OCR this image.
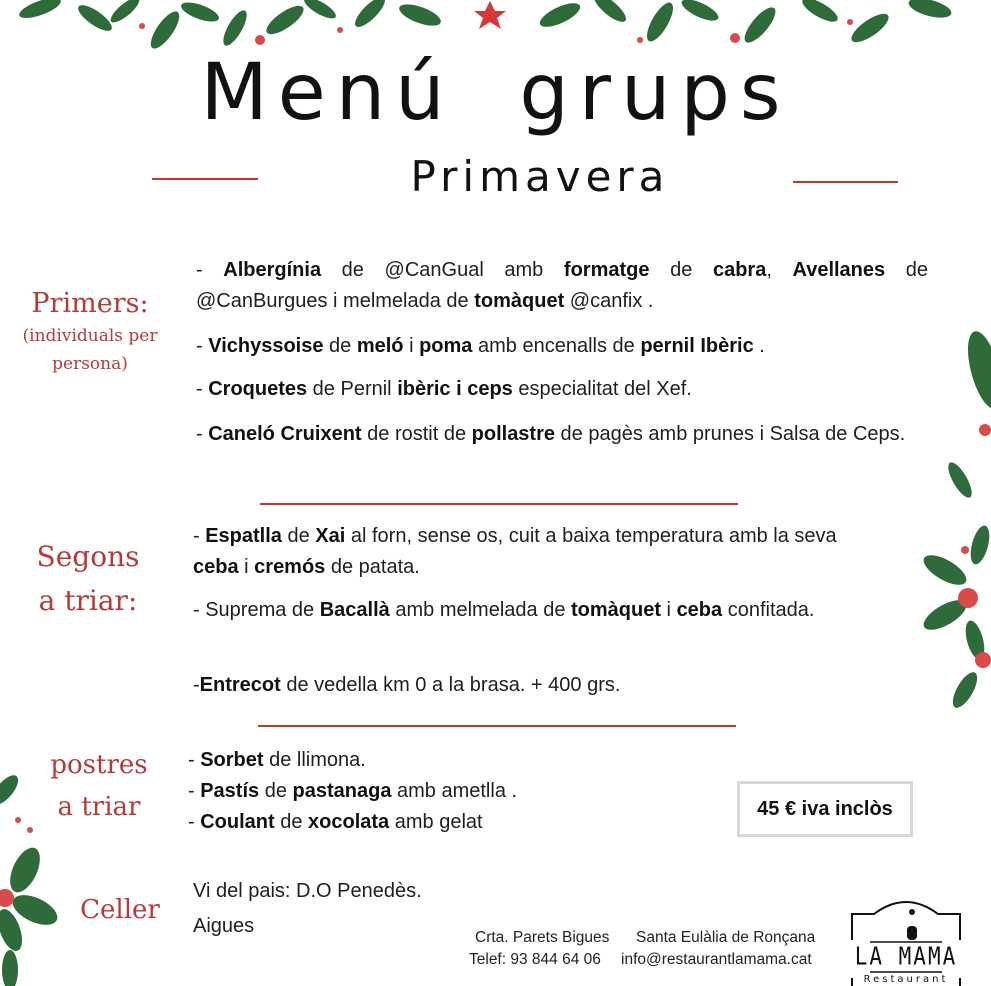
Menú grups
Primavera
Primers:
(individuals per
persona)
- Albergínia de @CanGual amb formatge de cabra, Avellanes de @CanBurgues i melmelada de tomàquet @canfix .
- Vichyssoise de meló i poma amb encenalls de pernil Ibèric .
- Croquetes de Pernil ibèric i ceps especialitat del Xef.
- Caneló Cruixent de rostit de pollastre de pagès amb prunes i Salsa de Ceps.
Segons
a triar:
- Espatlla de Xai al forn, sense os, cuit a baixa temperatura amb la seva ceba i cremós de patata.
- Suprema de Bacallà amb melmelada de tomàquet i ceba confitada.
-Entrecot de vedella km 0 a la brasa. + 400 grs.
postres
a triar
- Sorbet de llimona.
- Pastís de pastanaga amb ametlla .
- Coulant de xocolata amb gelat
45 € iva inclòs
Celler
Vi del pais: D.O Penedès.
Aigues
Crta. Parets Bigues Santa Eulàlia de Ronçana
Telef: 93 844 64 06 info@restaurantlamama.cat LA MAMA
Restaurant
